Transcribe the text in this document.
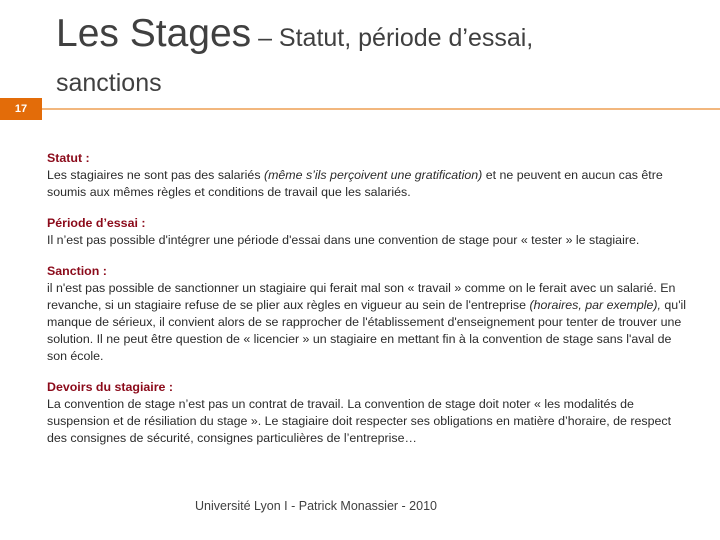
Les Stages – Statut, période d’essai,
sanctions
17
Statut :
Les stagiaires ne sont pas des salariés (même s’ils perçoivent une gratification) et ne peuvent en aucun cas être soumis aux mêmes règles et conditions de travail que les salariés.
Période d’essai :
Il n’est pas possible d'intégrer une période d'essai dans une convention de stage pour « tester » le stagiaire.
Sanction :
il n'est pas possible de sanctionner un stagiaire qui ferait mal son « travail » comme on le ferait avec un salarié. En revanche, si un stagiaire refuse de se plier aux règles en vigueur au sein de l'entreprise (horaires, par exemple), qu'il manque de sérieux, il convient alors de se rapprocher de l'établissement d'enseignement pour tenter de trouver une solution. Il ne peut être question de « licencier » un stagiaire en mettant fin à la convention de stage sans l'aval de son école.
Devoirs du stagiaire :
La convention de stage n’est pas un contrat de travail. La convention de stage doit noter « les modalités de suspension et de résiliation du stage ». Le stagiaire doit respecter ses obligations en matière d’horaire, de respect des consignes de sécurité, consignes particulières de l’entreprise…
Université Lyon I - Patrick Monassier - 2010
